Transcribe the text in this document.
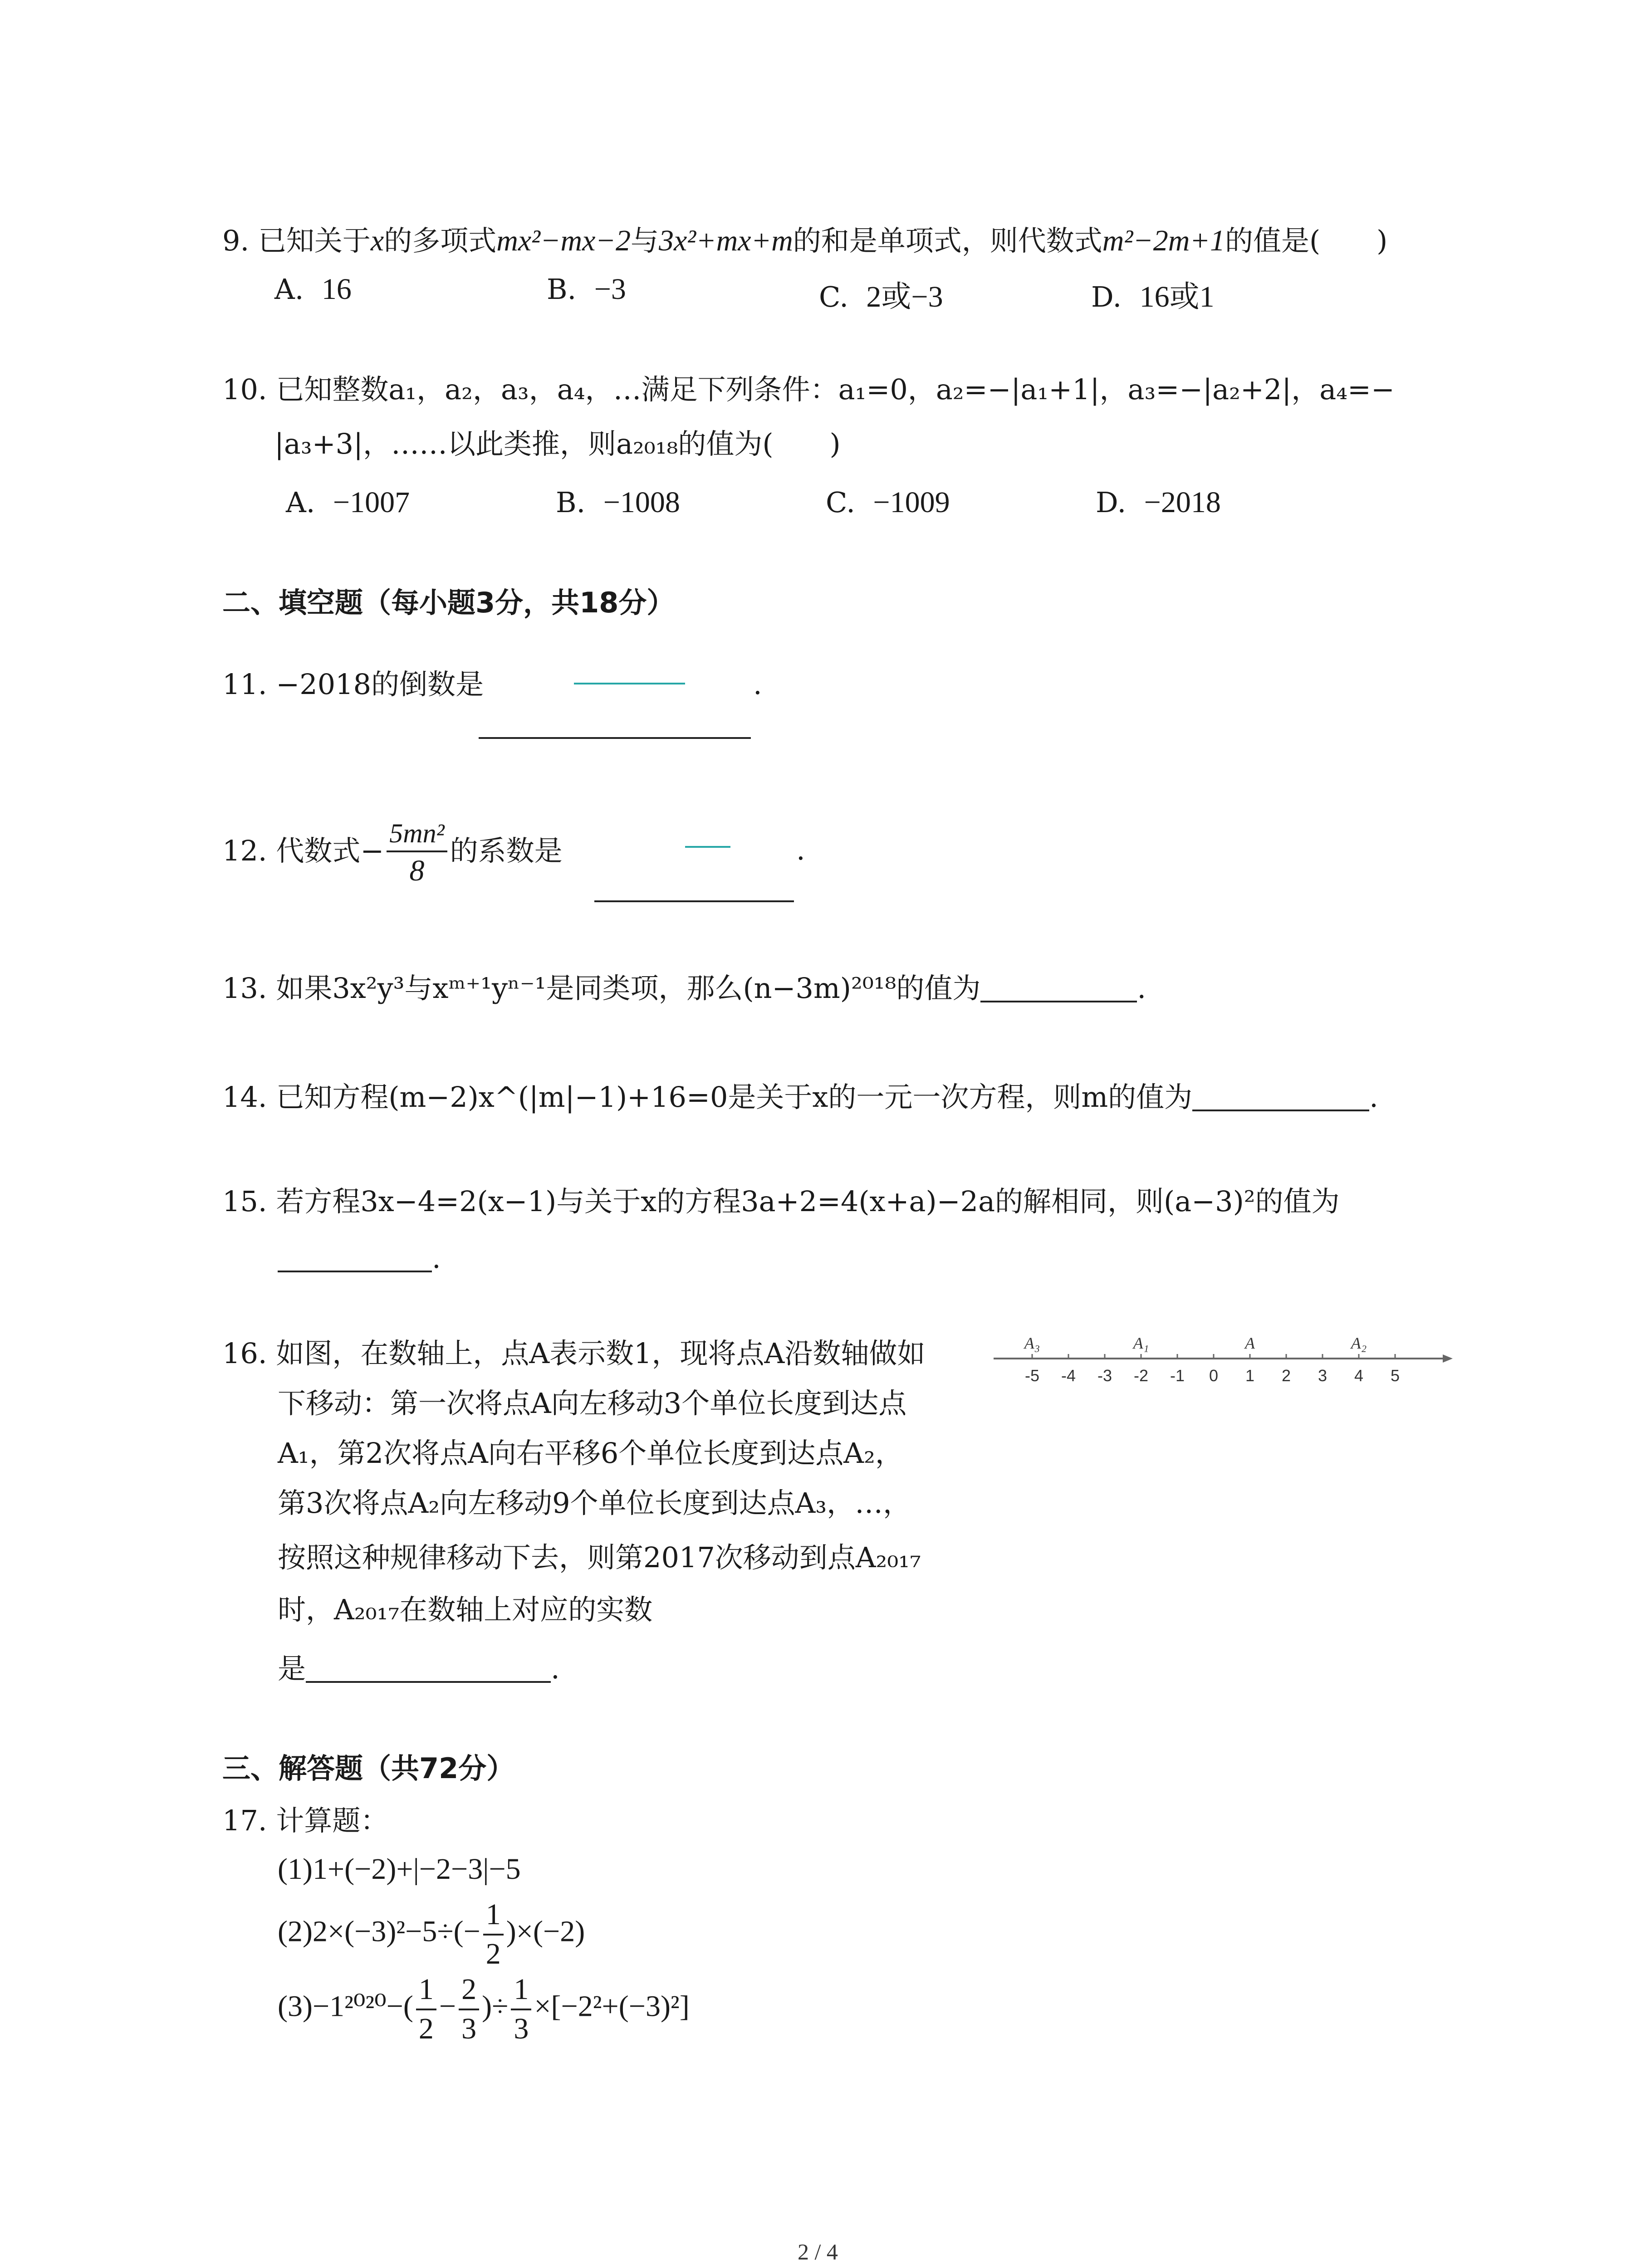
9. 已知关于x的多项式mx²−mx−2与3x²+mx+m的和是单项式，则代数式m²−2m+1的值是(　　)
A. 16	B. −3	C. 2或−3	D. 16或1
10. 已知整数a₁，a₂，a₃，a₄，…满足下列条件：a₁=0，a₂=−|a₁+1|，a₃=−|a₂+2|，a₄=−
|a₃+3|，……以此类推，则a₂₀₁₈的值为(　　)
A. −1007	B. −1008	C. −1009	D. −2018
二、填空题（每小题3分，共18分）
11. −2018的倒数是	.
12. 代数式− $\frac{\text{5mn²}}{8}$ 的系数是	.
13. 如果3x²y³与xᵐ⁺¹yⁿ⁻¹是同类项，那么(n−3m)²⁰¹⁸的值为	.
14. 已知方程(m−2)x^(|m|−1)+16=0是关于x的一元一次方程，则m的值为	.
15. 若方程3x−4=2(x−1)与关于x的方程3a+2=4(x+a)−2a的解相同，则(a−3)²的值为
.
16. 如图，在数轴上，点A表示数1，现将点A沿数轴做如
下移动：第一次将点A向左移动3个单位长度到达点
A₁，第2次将点A向右平移6个单位长度到达点A₂，
第3次将点A₂向左移动9个单位长度到达点A₃，…，
按照这种规律移动下去，则第2017次移动到点A₂₀₁₇
时，A₂₀₁₇在数轴上对应的实数
是	.
-5 -4 -3 -2 -1 0 1 2 3 4 5
A₃	A₁	A	A₂
三、解答题（共72分）
17. 计算题：
(1)1+(−2)+|−2−3|−5
$(2)2\times(-3)^2-5\div(- \frac{1}{2} )\times(-2)$
$(3)-1^{2020}-( \frac{1}{2} - \frac{2}{3}$ )÷ $\frac{1}{3} \times[-2^2+(-3)^2]$
2 / 4
